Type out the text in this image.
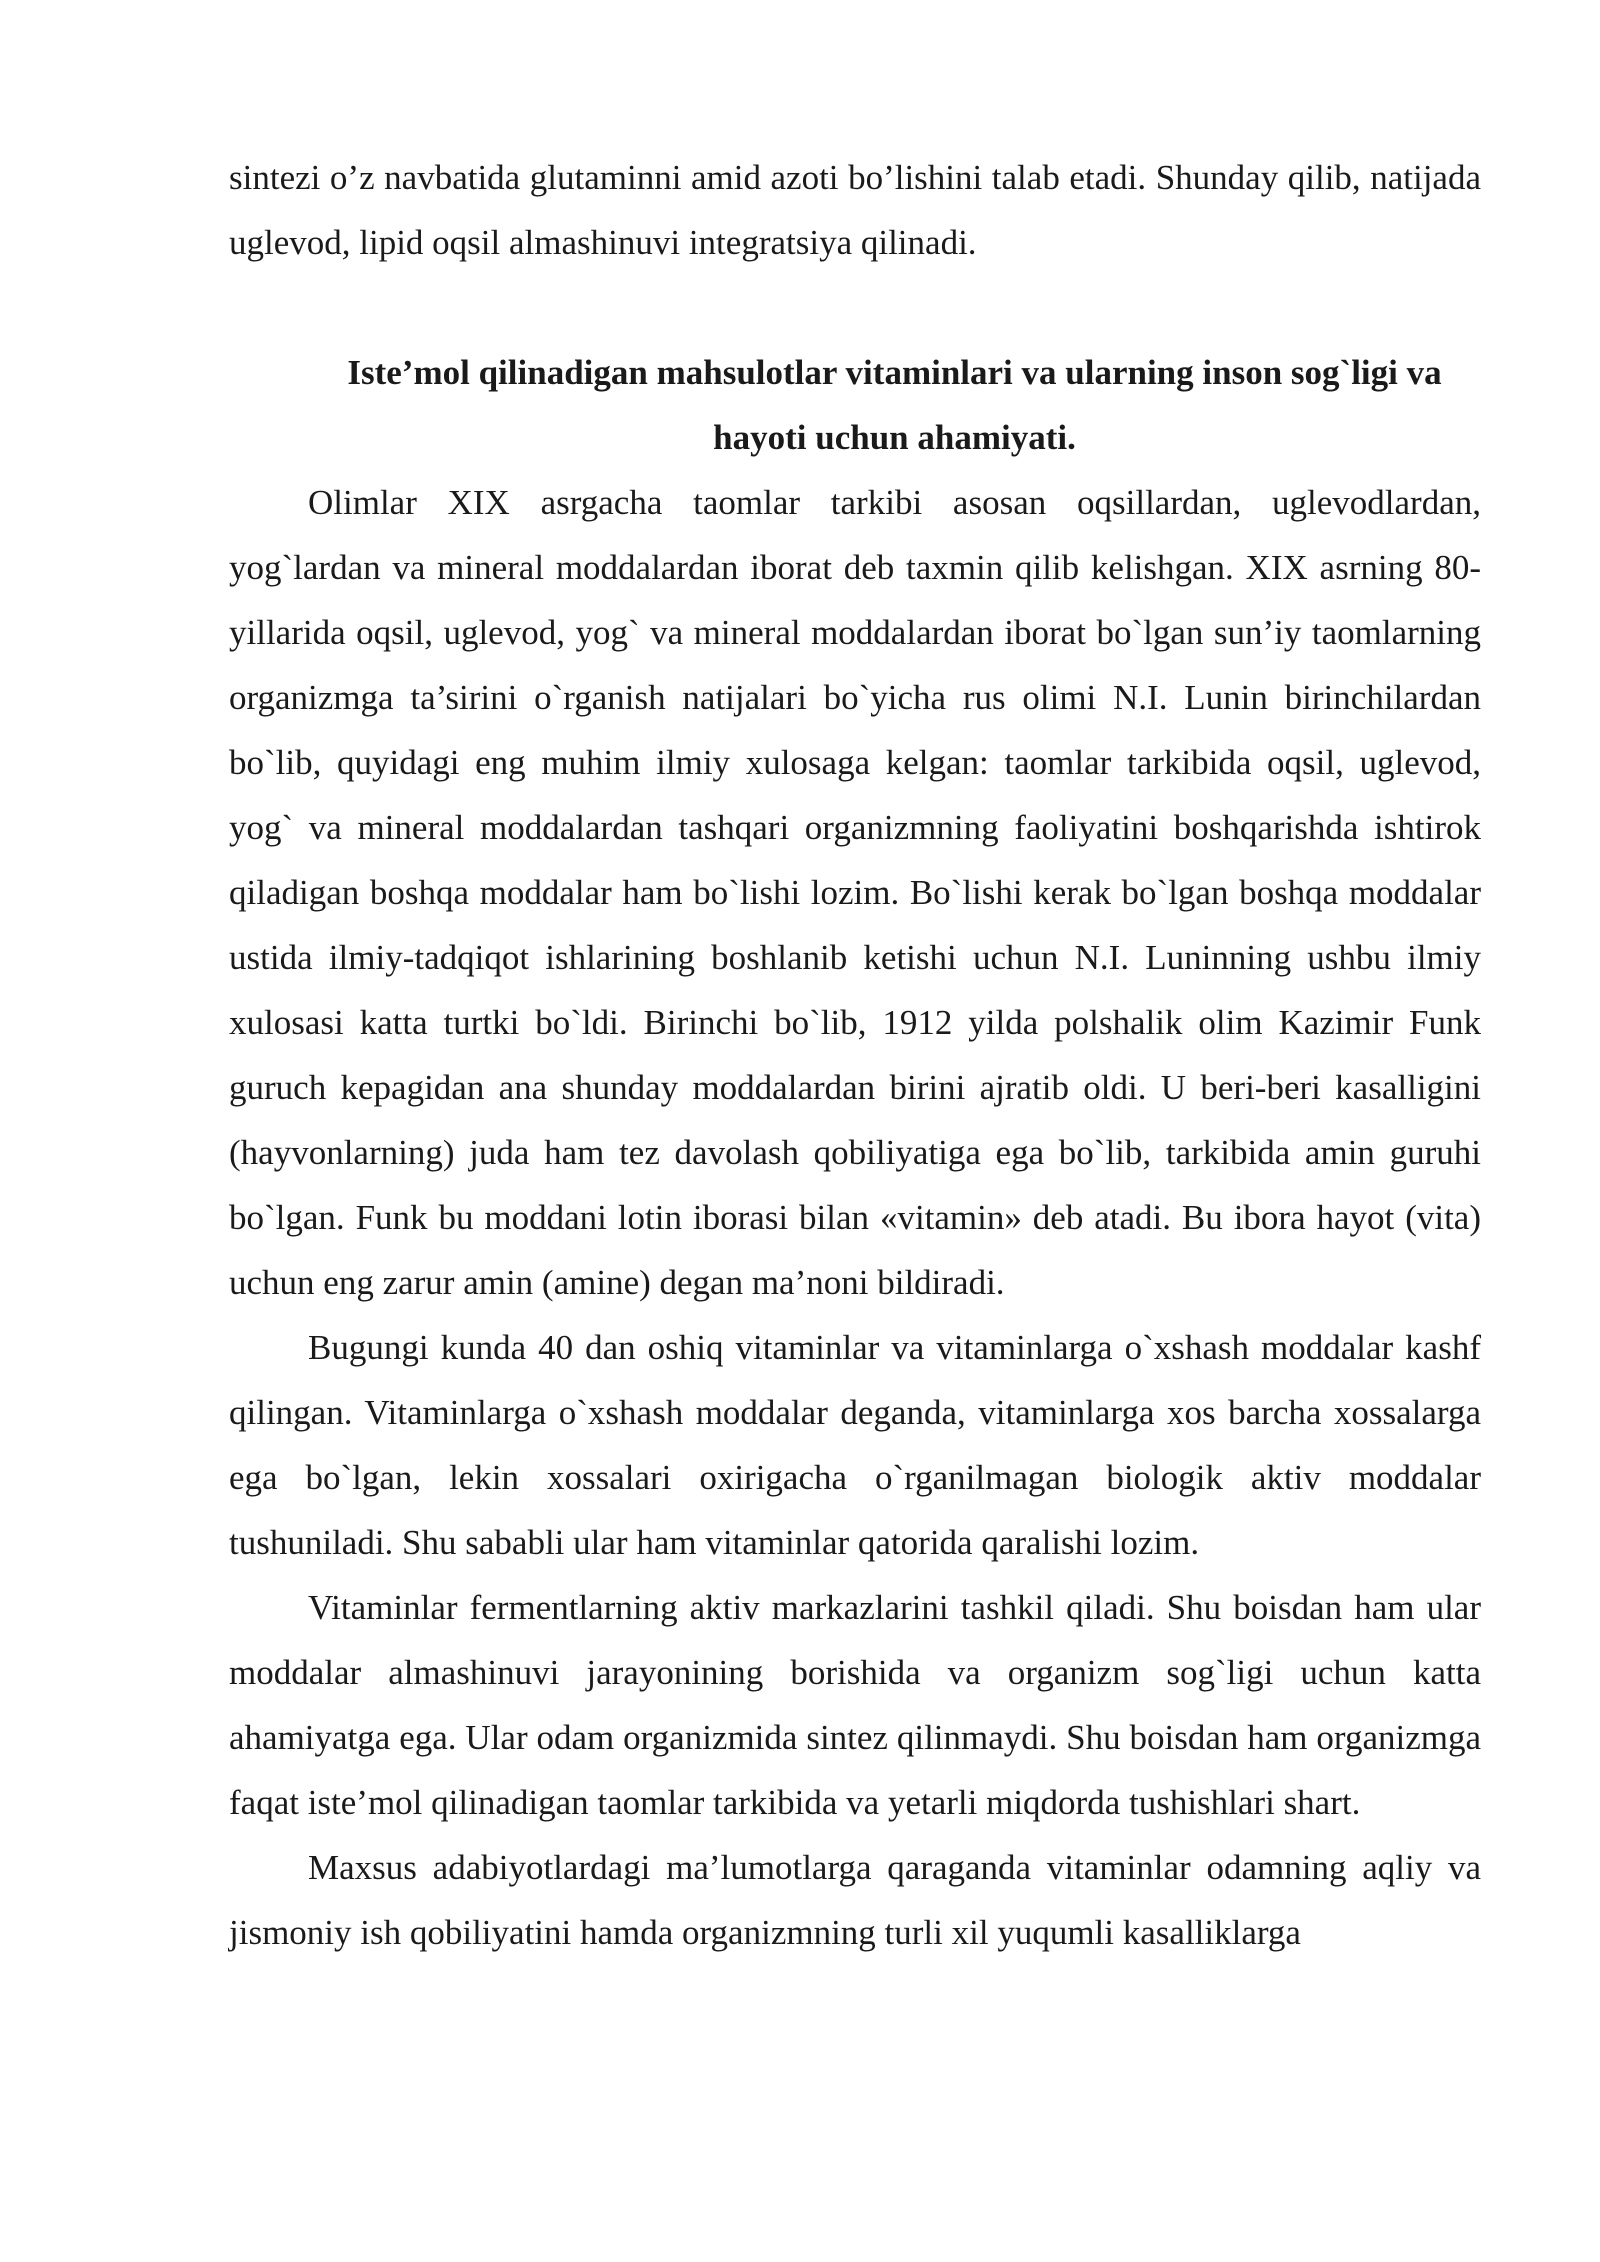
sintezi o’z navbatida glutaminni amid azoti bo’lishini talab etadi. Shunday qilib, natijada uglevod, lipid oqsil almashinuvi integratsiya qilinadi.

Iste’mol qilinadigan mahsulotlar vitaminlari va ularning inson sog`ligi va hayoti uchun ahamiyati.

Olimlar XIX asrgacha taomlar tarkibi asosan oqsillardan, uglevodlardan, yog`lardan va mineral moddalardan iborat deb taxmin qilib kelishgan. XIX asrning 80-yillarida oqsil, uglevod, yog` va mineral moddalardan iborat bo`lgan sun’iy taomlarning organizmga ta’sirini o`rganish natijalari bo`yicha rus olimi N.I. Lunin birinchilardan bo`lib, quyidagi eng muhim ilmiy xulosaga kelgan: taomlar tarkibida oqsil, uglevod, yog` va mineral moddalardan tashqari organizmning faoliyatini boshqarishda ishtirok qiladigan boshqa moddalar ham bo`lishi lozim. Bo`lishi kerak bo`lgan boshqa moddalar ustida ilmiy-tadqiqot ishlarining boshlanib ketishi uchun N.I. Luninning ushbu ilmiy xulosasi katta turtki bo`ldi. Birinchi bo`lib, 1912 yilda polshalik olim Kazimir Funk guruch kepagidan ana shunday moddalardan birini ajratib oldi. U beri-beri kasalligini (hayvonlarning) juda ham tez davolash qobiliyatiga ega bo`lib, tarkibida amin guruhi bo`lgan. Funk bu moddani lotin iborasi bilan «vitamin» deb atadi. Bu ibora hayot (vita) uchun eng zarur amin (amine) degan ma’noni bildiradi.

Bugungi kunda 40 dan oshiq vitaminlar va vitaminlarga o`xshash moddalar kashf qilingan. Vitaminlarga o`xshash moddalar deganda, vitaminlarga xos barcha xossalarga ega bo`lgan, lekin xossalari oxirigacha o`rganilmagan biologik aktiv moddalar tushuniladi. Shu sababli ular ham vitaminlar qatorida qaralishi lozim.

Vitaminlar fermentlarning aktiv markazlarini tashkil qiladi. Shu boisdan ham ular moddalar almashinuvi jarayonining borishida va organizm sog`ligi uchun katta ahamiyatga ega. Ular odam organizmida sintez qilinmaydi. Shu boisdan ham organizmga faqat iste’mol qilinadigan taomlar tarkibida va yetarli miqdorda tushishlari shart.

Maxsus adabiyotlardagi ma’lumotlarga qaraganda vitaminlar odamning aqliy va jismoniy ish qobiliyatini hamda organizmning turli xil yuqumli kasalliklarga
